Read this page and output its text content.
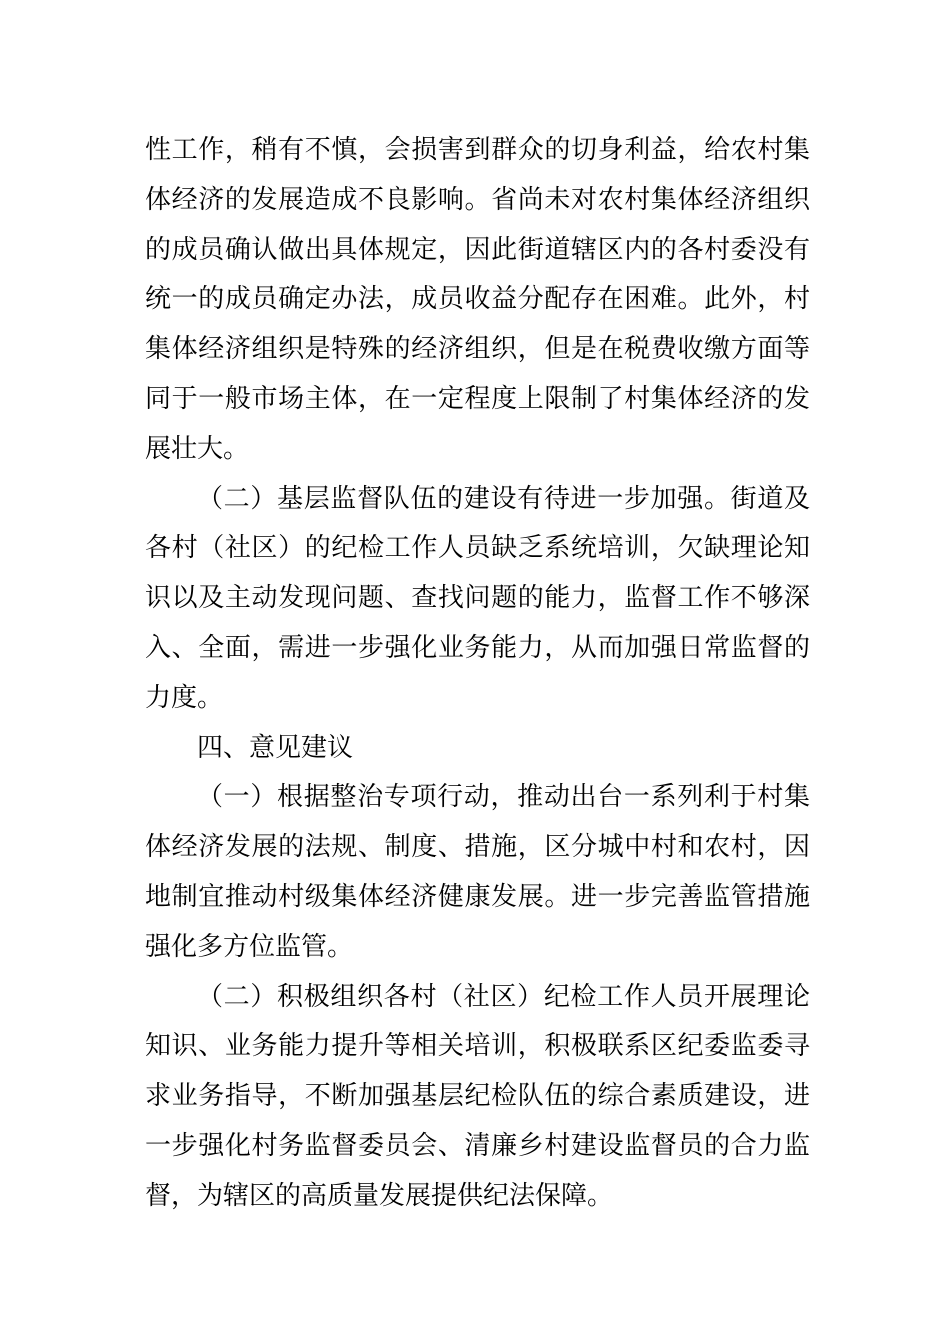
性工作，稍有不慎，会损害到群众的切身利益，给农村集体经济的发展造成不良影响。省尚未对农村集体经济组织的成员确认做出具体规定，因此街道辖区内的各村委没有统一的成员确定办法，成员收益分配存在困难。此外，村集体经济组织是特殊的经济组织，但是在税费收缴方面等同于一般市场主体，在一定程度上限制了村集体经济的发展壮大。

（二）基层监督队伍的建设有待进一步加强。街道及各村（社区）的纪检工作人员缺乏系统培训，欠缺理论知识以及主动发现问题、查找问题的能力，监督工作不够深入、全面，需进一步强化业务能力，从而加强日常监督的力度。

四、意见建议

（一）根据整治专项行动，推动出台一系列利于村集体经济发展的法规、制度、措施，区分城中村和农村，因地制宜推动村级集体经济健康发展。进一步完善监管措施强化多方位监管。

（二）积极组织各村（社区）纪检工作人员开展理论知识、业务能力提升等相关培训，积极联系区纪委监委寻求业务指导，不断加强基层纪检队伍的综合素质建设，进一步强化村务监督委员会、清廉乡村建设监督员的合力监督，为辖区的高质量发展提供纪法保障。
